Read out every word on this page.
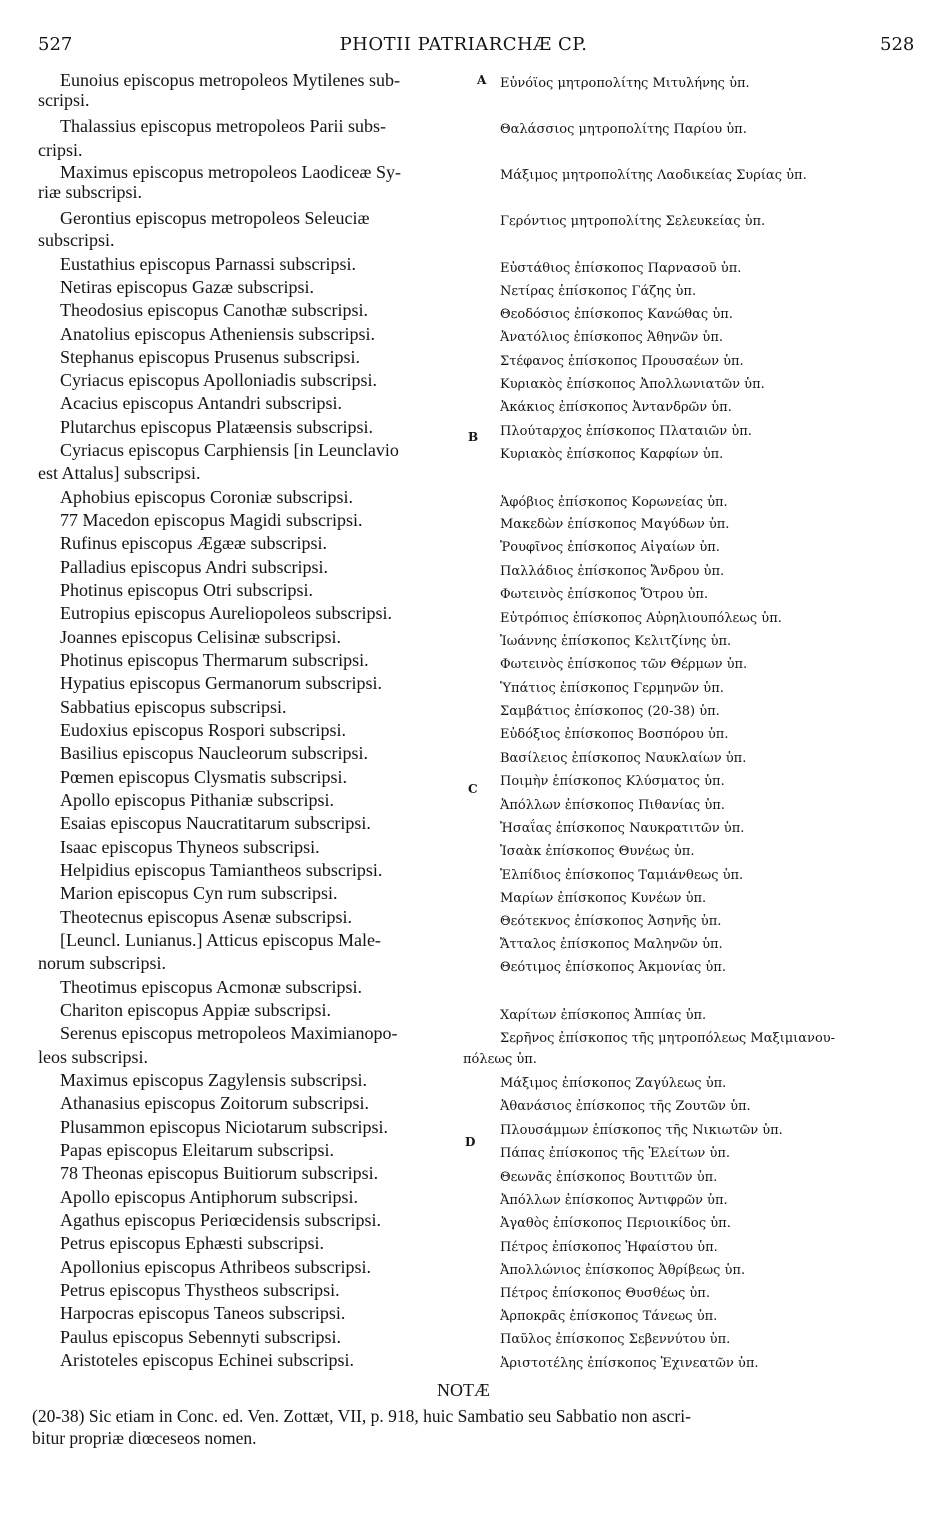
PHOTII PATRIARCHÆ CP.
527	528
Eunoius episcopus metropoleos Mytilenes sub-
scripsi.
Thalassius episcopus metropoleos Parii subs-
cripsi.
Maximus episcopus metropoleos Laodiceæ Sy-
riæ subscripsi.
Gerontius episcopus metropoleos Seleuciæ
subscripsi.
Eustathius episcopus Parnassi subscripsi.
Netiras episcopus Gazæ subscripsi.
Theodosius episcopus Canothæ subscripsi.
Anatolius episcopus Atheniensis subscripsi.
Stephanus episcopus Prusenus subscripsi.
Cyriacus episcopus Apolloniadis subscripsi.
Acacius episcopus Antandri subscripsi.
Plutarchus episcopus Platæensis subscripsi.
Cyriacus episcopus Carphiensis [in Leunclavio
est Attalus] subscripsi.
Aphobius episcopus Coroniæ subscripsi.
77 Macedon episcopus Magidi subscripsi.
Rufinus episcopus Ægææ subscripsi.
Palladius episcopus Andri subscripsi.
Photinus episcopus Otri subscripsi.
Eutropius episcopus Aureliopoleos subscripsi.
Joannes episcopus Celisinæ subscripsi.
Photinus episcopus Thermarum subscripsi.
Hypatius episcopus Germanorum subscripsi.
Sabbatius episcopus subscripsi.
Eudoxius episcopus Rospori subscripsi.
Basilius episcopus Naucleorum subscripsi.
Pœmen episcopus Clysmatis subscripsi.
Apollo episcopus Pithaniæ subscripsi.
Esaias episcopus Naucratitarum subscripsi.
Isaac episcopus Thyneos subscripsi.
Helpidius episcopus Tamiantheos subscripsi.
Marion episcopus Cyn rum subscripsi.
Theotecnus episcopus Asenæ subscripsi.
[Leuncl. Lunianus.] Atticus episcopus Male-
norum subscripsi.
Theotimus episcopus Acmonæ subscripsi.
Chariton episcopus Appiæ subscripsi.
Serenus episcopus metropoleos Maximianopo-
leos subscripsi.
Maximus episcopus Zagylensis subscripsi.
Athanasius episcopus Zoitorum subscripsi.
Plusammon episcopus Niciotarum subscripsi.
Papas episcopus Eleitarum subscripsi.
78 Theonas episcopus Buitiorum subscripsi.
Apollo episcopus Antiphorum subscripsi.
Agathus episcopus Periœcidensis subscripsi.
Petrus episcopus Ephæsti subscripsi.
Apollonius episcopus Athribeos subscripsi.
Petrus episcopus Thystheos subscripsi.
Harpocras episcopus Taneos subscripsi.
Paulus episcopus Sebennyti subscripsi.
Aristoteles episcopus Echinei subscripsi.
Εὐνόϊος μητροπολίτης Μιτυλήνης ὑπ.
Θαλάσσιος μητροπολίτης Παρίου ὑπ.
Μάξιμος μητροπολίτης Λαοδικείας Συρίας ὑπ.
Γερόντιος μητροπολίτης Σελευκείας ὑπ.
Εὐστάθιος ἐπίσκοπος Παρνασοῦ ὑπ.
Νετίρας ἐπίσκοπος Γάζης ὑπ.
Θεοδόσιος ἐπίσκοπος Κανώθας ὑπ.
Ἀνατόλιος ἐπίσκοπος Ἀθηνῶν ὑπ.
Στέφανος ἐπίσκοπος Προυσαέων ὑπ.
Κυριακὸς ἐπίσκοπος Ἀπολλωνιατῶν ὑπ.
Ἀκάκιος ἐπίσκοπος Ἀντανδρῶν ὑπ.
Πλούταρχος ἐπίσκοπος Πλαταιῶν ὑπ.
Κυριακὸς ἐπίσκοπος Καρφίων ὑπ.
Ἀφόβιος ἐπίσκοπος Κορωνείας ὑπ.
Μακεδὼν ἐπίσκοπος Μαγύδων ὑπ.
Ῥουφῖνος ἐπίσκοπος Αἰγαίων ὑπ.
Παλλάδιος ἐπίσκοπος Ἄνδρου ὑπ.
Φωτεινὸς ἐπίσκοπος Ὄτρου ὑπ.
Εὐτρόπιος ἐπίσκοπος Αὐρηλιουπόλεως ὑπ.
Ἰωάννης ἐπίσκοπος Κελιτζίνης ὑπ.
Φωτεινὸς ἐπίσκοπος τῶν Θέρμων ὑπ.
Ὑπάτιος ἐπίσκοπος Γερμηνῶν ὑπ.
Σαμβάτιος ἐπίσκοπος (20-38) ὑπ.
Εὐδόξιος ἐπίσκοπος Βοσπόρου ὑπ.
Βασίλειος ἐπίσκοπος Ναυκλαίων ὑπ.
Ποιμὴν ἐπίσκοπος Κλύσματος ὑπ.
Ἀπόλλων ἐπίσκοπος Πιθανίας ὑπ.
Ἡσαΐας ἐπίσκοπος Ναυκρατιτῶν ὑπ.
Ἰσαὰκ ἐπίσκοπος Θυνέως ὑπ.
Ἐλπίδιος ἐπίσκοπος Ταμιάνθεως ὑπ.
Μαρίων ἐπίσκοπος Κυνέων ὑπ.
Θεότεκνος ἐπίσκοπος Ἀσηνῆς ὑπ.
Ἄτταλος ἐπίσκοπος Μαληνῶν ὑπ.
Θεότιμος ἐπίσκοπος Ἀκμονίας ὑπ.
Χαρίτων ἐπίσκοπος Ἀππίας ὑπ.
Σερῆνος ἐπίσκοπος τῆς μητροπόλεως Μαξιμιανου-
πόλεως ὑπ.
Μάξιμος ἐπίσκοπος Ζαγύλεως ὑπ.
Ἀθανάσιος ἐπίσκοπος τῆς Ζουτῶν ὑπ.
Πλουσάμμων ἐπίσκοπος τῆς Νικιωτῶν ὑπ.
Πάπας ἐπίσκοπος τῆς Ἐλείτων ὑπ.
Θεωνᾶς ἐπίσκοπος Βουτιτῶν ὑπ.
Ἀπόλλων ἐπίσκοπος Ἀντιφρῶν ὑπ.
Ἀγαθὸς ἐπίσκοπος Περιοικίδος ὑπ.
Πέτρος ἐπίσκοπος Ἡφαίστου ὑπ.
Ἀπολλώνιος ἐπίσκοπος Ἀθρίβεως ὑπ.
Πέτρος ἐπίσκοπος Θυσθέως ὑπ.
Ἀρποκρᾶς ἐπίσκοπος Τάνεως ὑπ.
Παῦλος ἐπίσκοπος Σεβεννύτου ὑπ.
Ἀριστοτέλης ἐπίσκοπος Ἐχινεατῶν ὑπ.
A
B
C
D
NOTÆ
(20-38) Sic etiam in Conc. ed. Ven. Zottæt, VII, p. 918, huic Sambatio seu Sabbatio non ascri-
bitur propriæ diœceseos nomen.
